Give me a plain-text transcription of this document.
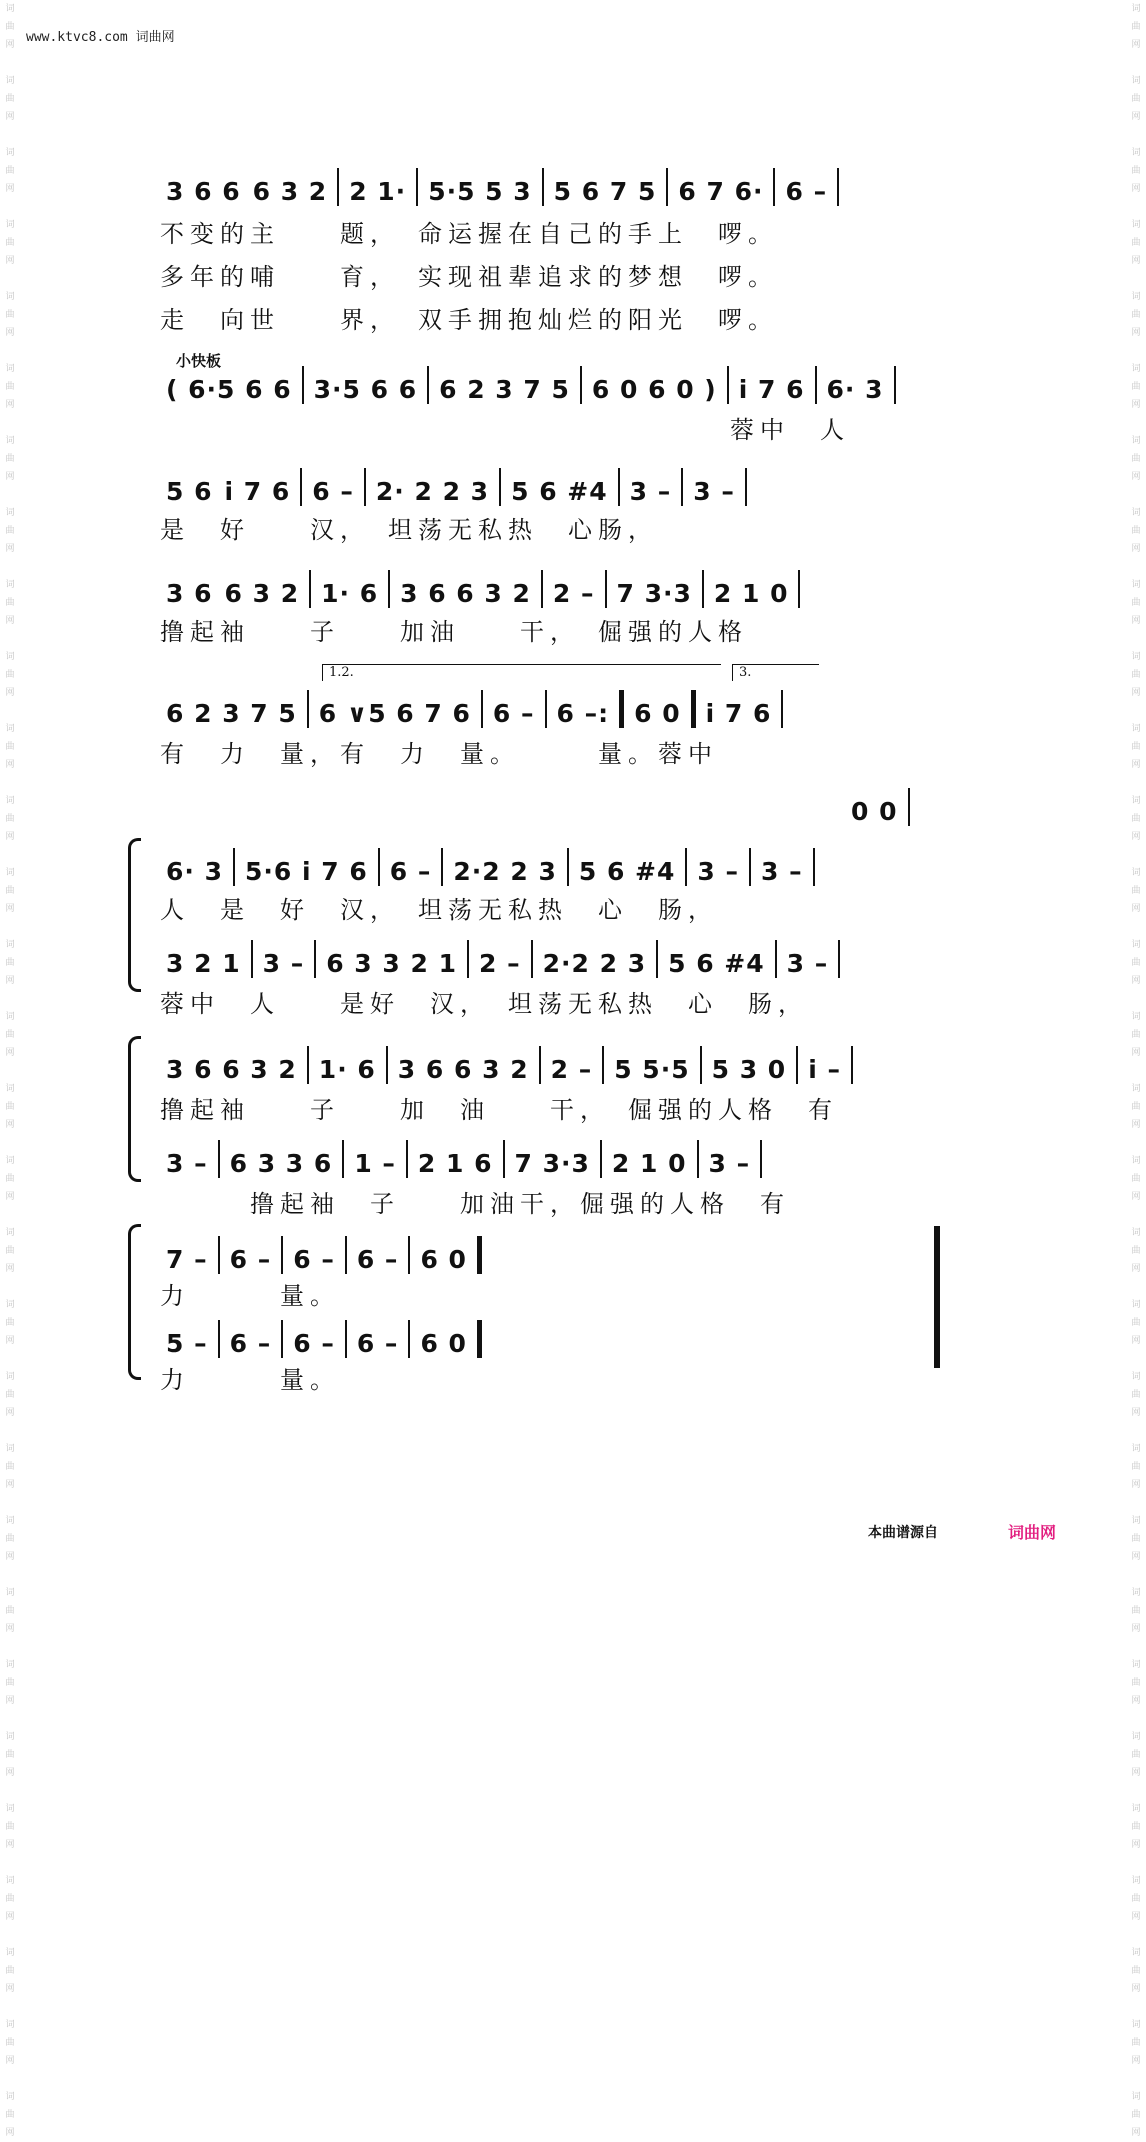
词
曲
网

词
曲
网

词
曲
网

词
曲
网

词
曲
网

词
曲
网

词
曲
网

词
曲
网

词
曲
网

词
曲
网

词
曲
网

词
曲
网

词
曲
网

词
曲
网

词
曲
网

词
曲
网

词
曲
网

词
曲
网

词
曲
网

词
曲
网

词
曲
网

词
曲
网

词
曲
网

词
曲
网

词
曲
网

词
曲
网

词
曲
网

词
曲
网

词
曲
网

词
曲
网

词
曲
网

词
曲
网

词
曲
网

词
曲
网

词
曲
网

词
曲
网

词
曲
网

词
曲
网

词
曲
网

词
曲
网

词
曲
网

词
曲
网

词
曲
网

词
曲
网

词
曲
网

词
曲
网

词
曲
网

词
曲
网

词
曲
网

词
曲
网

词
曲
网

词
曲
网

词
曲
网

词
曲
网

词
曲
网

词
曲
网

词
曲
网

词
曲
网

词
曲
网

词
曲
网

www.ktvc8.com 词曲网
小快板
3 6 6 6 3 2 2 1· 5·5 5 3 5 6 7 5 6 7 6· 6 –
不变的主　　题，　命运握在自己的手上　啰。
多年的哺　　育，　实现祖辈追求的梦想　啰。
走　向世　　界，　双手拥抱灿烂的阳光　啰。
( 6·5 6 6 3·5 6 6 6 2 3 7 5 6 0 6 0 ) i 7 6 6· 3
　　　　　　　　　　　　　　　　　　　蓉中　人
5 6 i 7 6 6 – 2· 2 2 3 5 6 #4 3 – 3 –
是　好　　汉，　坦荡无私热　心肠，
3 6 6 3 2 1· 6 3 6 6 3 2 2 – 7 3·3 2 1 0
撸起袖　　子　　加油　　干，　倔强的人格
1.2.	3.
6 2 3 7 5 6 ∨5 6 7 6 6 – 6 –: 6 0 i 7 6
有　力　量，有　力　量。　　　量。蓉中
0 0
6· 3 5·6 i 7 6 6 – 2·2 2 3 5 6 #4 3 – 3 –
人　是　好　汉，　坦荡无私热　心　肠，
3 2 1 3 – 6 3 3 2 1 2 – 2·2 2 3 5 6 #4 3 –
蓉中　人　　是好　汉，　坦荡无私热　心　肠，
3 6 6 3 2 1· 6 3 6 6 3 2 2 – 5 5·5 5 3 0 i –
撸起袖　　子　　加　油　　干，　倔强的人格　有
3 – 6 3 3 6 1 – 2 1 6 7 3·3 2 1 0 3 –
　　　撸起袖　子　　加油干，倔强的人格　有
7 – 6 – 6 – 6 – 6 0
力　　　量。
5 – 6 – 6 – 6 – 6 0
力　　　量。
本曲谱源自	词曲网
